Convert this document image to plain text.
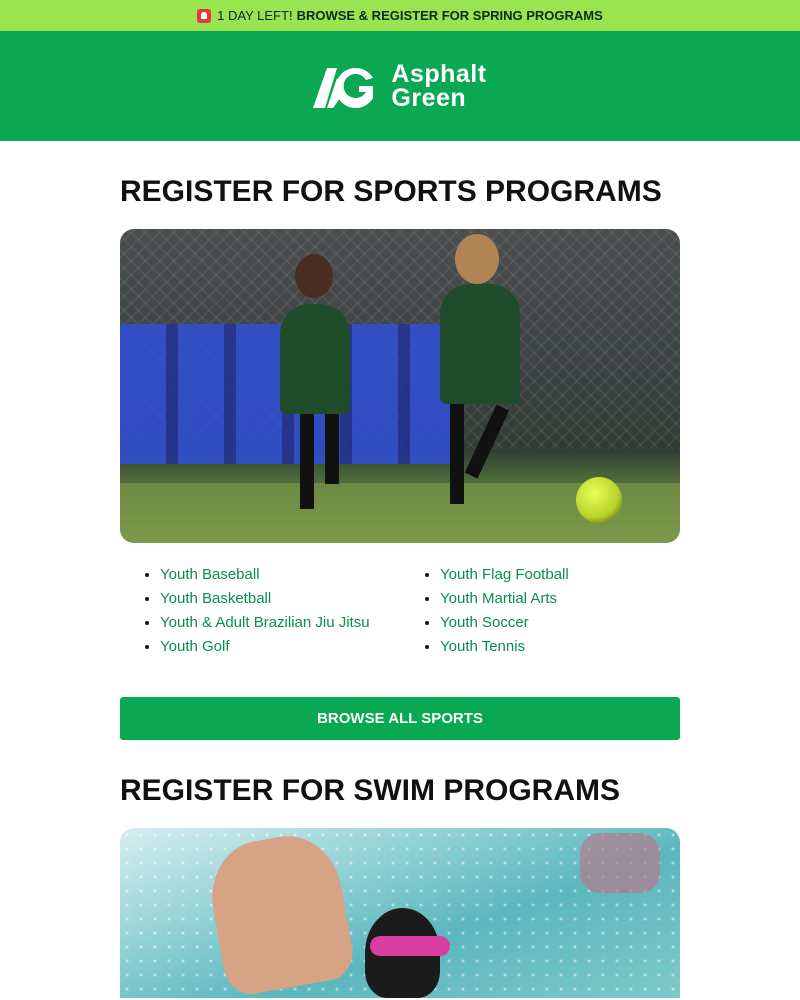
1 DAY LEFT! BROWSE & REGISTER FOR SPRING PROGRAMS
Asphalt
Green
REGISTER FOR SPORTS PROGRAMS
• Youth Baseball
• Youth Basketball
• Youth & Adult Brazilian Jiu Jitsu
• Youth Golf
• Youth Flag Football
• Youth Martial Arts
• Youth Soccer
• Youth Tennis
BROWSE ALL SPORTS
REGISTER FOR SWIM PROGRAMS
